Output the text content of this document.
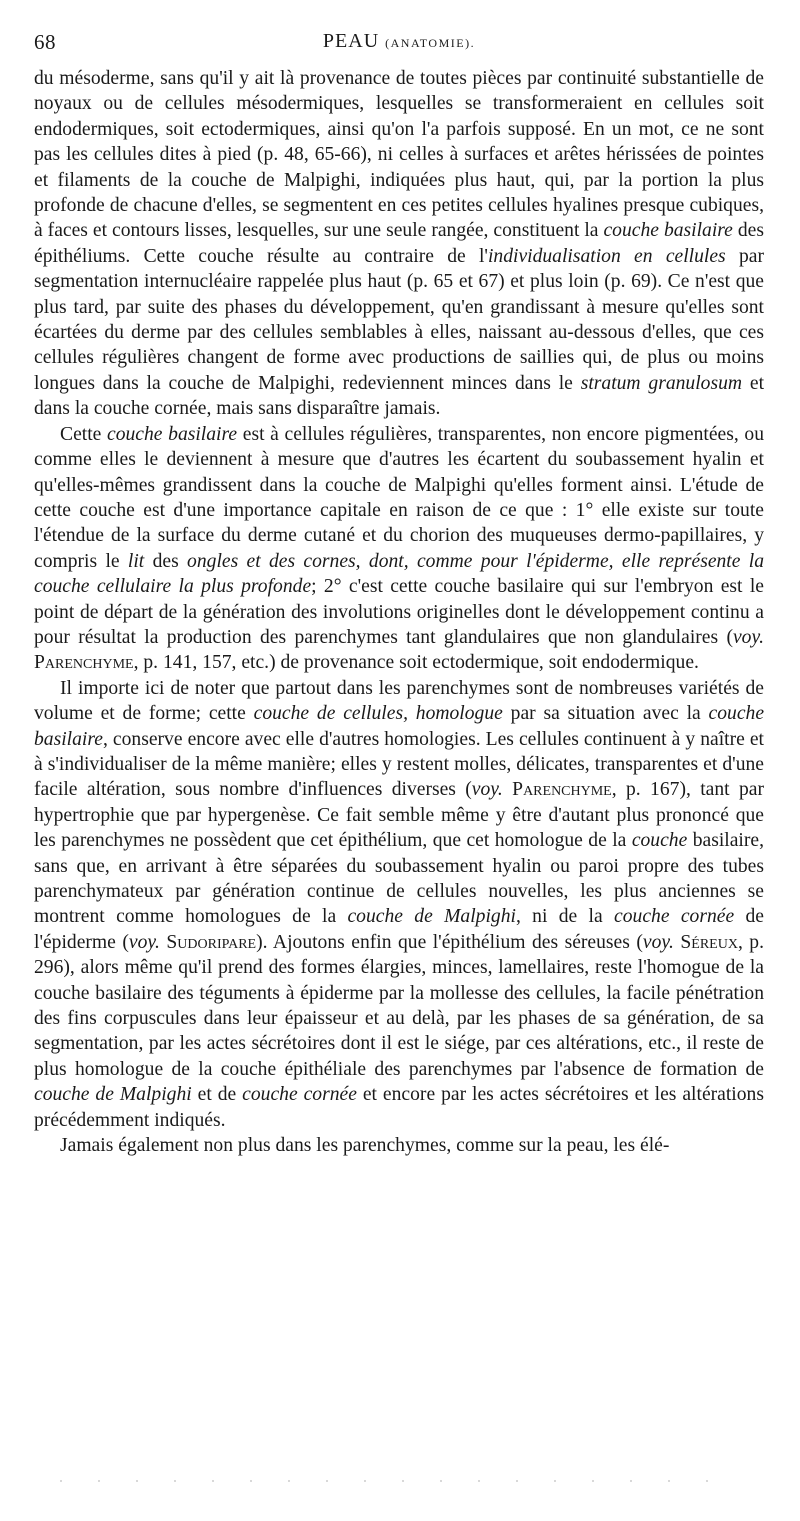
68	PEAU (ANATOMIE).

du mésoderme, sans qu'il y ait là provenance de toutes pièces par continuité substantielle de noyaux ou de cellules mésodermiques, lesquelles se transformeraient en cellules soit endodermiques, soit ectodermiques, ainsi qu'on l'a parfois supposé. En un mot, ce ne sont pas les cellules dites à pied (p. 48, 65-66), ni celles à surfaces et arêtes hérissées de pointes et filaments de la couche de Malpighi, indiquées plus haut, qui, par la portion la plus profonde de chacune d'elles, se segmentent en ces petites cellules hyalines presque cubiques, à faces et contours lisses, lesquelles, sur une seule rangée, constituent la couche basilaire des épithéliums. Cette couche résulte au contraire de l'individualisation en cellules par segmentation internucléaire rappelée plus haut (p. 65 et 67) et plus loin (p. 69). Ce n'est que plus tard, par suite des phases du développement, qu'en grandissant à mesure qu'elles sont écartées du derme par des cellules semblables à elles, naissant au-dessous d'elles, que ces cellules régulières changent de forme avec productions de saillies qui, de plus ou moins longues dans la couche de Malpighi, redeviennent minces dans le stratum granulosum et dans la couche cornée, mais sans disparaître jamais.

Cette couche basilaire est à cellules régulières, transparentes, non encore pigmentées, ou comme elles le deviennent à mesure que d'autres les écartent du soubassement hyalin et qu'elles-mêmes grandissent dans la couche de Malpighi qu'elles forment ainsi. L'étude de cette couche est d'une importance capitale en raison de ce que : 1° elle existe sur toute l'étendue de la surface du derme cutané et du chorion des muqueuses dermo-papillaires, y compris le lit des ongles et des cornes, dont, comme pour l'épiderme, elle représente la couche cellulaire la plus profonde; 2° c'est cette couche basilaire qui sur l'embryon est le point de départ de la génération des involutions originelles dont le développement continu a pour résultat la production des parenchymes tant glandulaires que non glandulaires (voy. Parenchyme, p. 141, 157, etc.) de provenance soit ectodermique, soit endodermique.

Il importe ici de noter que partout dans les parenchymes sont de nombreuses variétés de volume et de forme; cette couche de cellules, homologue par sa situation avec la couche basilaire, conserve encore avec elle d'autres homologies. Les cellules continuent à y naître et à s'individualiser de la même manière; elles y restent molles, délicates, transparentes et d'une facile altération, sous nombre d'influences diverses (voy. Parenchyme, p. 167), tant par hypertrophie que par hypergenèse. Ce fait semble même y être d'autant plus prononcé que les parenchymes ne possèdent que cet épithélium, que cet homologue de la couche basilaire, sans que, en arrivant à être séparées du soubassement hyalin ou paroi propre des tubes parenchymateux par génération continue de cellules nouvelles, les plus anciennes se montrent comme homologues de la couche de Malpighi, ni de la couche cornée de l'épiderme (voy. Sudoripare). Ajoutons enfin que l'épithélium des séreuses (voy. Séreux, p. 296), alors même qu'il prend des formes élargies, minces, lamellaires, reste l'homogue de la couche basilaire des téguments à épiderme par la mollesse des cellules, la facile pénétration des fins corpuscules dans leur épaisseur et au delà, par les phases de sa génération, de sa segmentation, par les actes sécrétoires dont il est le siége, par ces altérations, etc., il reste de plus homologue de la couche épithéliale des parenchymes par l'absence de formation de couche de Malpighi et de couche cornée et encore par les actes sécrétoires et les altérations précédemment indiqués.

Jamais également non plus dans les parenchymes, comme sur la peau, les élé-
